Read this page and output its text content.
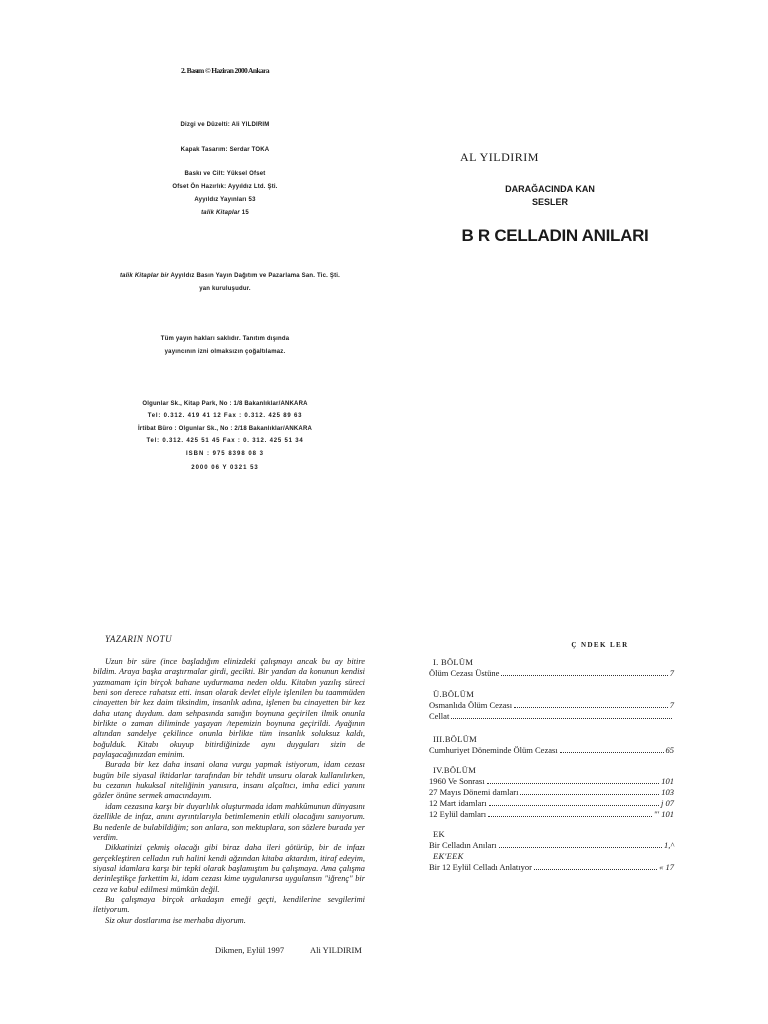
2. Basım © Haziran 2000 Ankara
Dizgi ve Düzelti: Ali YILDIRIM
Kapak Tasarım: Serdar TOKA
Baskı ve Cilt: Yüksel Ofset
Ofset Ön Hazırlık: Ayyıldız Ltd. Şti.
Ayyıldız Yayınları 53
talik Kitaplar 15
talik Kitaplar bir Ayyıldız Basın Yayın Dağıtım ve Pazarlama San. Tic. Şti.
yan kuruluşudur.
Tüm yayın hakları saklıdır. Tanıtım dışında
yayıncının izni olmaksızın çoğaltılamaz.
Olgunlar Sk., Kitap Park, No : 1/8 Bakanlıklar/ANKARA
Tel: 0.312. 419 41 12 Fax : 0.312. 425 89 63
İrtibat Büro : Olgunlar Sk., No : 2/18 Bakanlıklar/ANKARA
Tel: 0.312. 425 51 45 Fax : 0. 312. 425 51 34
ISBN : 975 8398 08 3
2000 06 Y 0321 53
AL YILDIRIM
DARAĞACINDA KAN
SESLER
B R CELLADIN ANILARI
YAZARIN NOTU

Uzun bir süre (ince başladığım elinizdeki çalışmayı ancak bu ay bitire bildim. Araya başka araştırmalar girdi, gecikti. Bir yandan da konunun kendisi yazmamam için birçok bahane uydurmama neden oldu. Kitabın yazılış süreci beni son derece rahatsız etti. insan olarak devlet eliyle işlenilen bu taammüden cinayetten bir kez daim tiksindim, insanlık adına, işlenen bu cinayetten bir kez daha utanç duydum. dam sehpasında sanığın boynuna geçirilen ilmik onunla birlikte o zaman diliminde yaşayan /tepemizin boynuna geçirildi. Ayağının altından sandelye çekilince onunla birlikte tüm insanlık soluksuz kaldı, boğulduk. Kitabı okuyup bitirdiğinizde aynı duyguları sizin de paylaşacağınızdan eminim.

Burada bir kez daha insani olana vurgu yapmak istiyorum, idam cezası bugün bile siyasal iktidarlar tarafından bir tehdit unsuru olarak kullanılırken, bu cezanın hukuksal niteliğinin yanısıra, insanı alçaltıcı, imha edici yanını gözler önüne sermek amacındayım.

idam cezasına karşı bir duyarlılık oluşturmada idam mahkûmunun dünyasını özellikle de infaz, anını ayrıntılarıyla betimlemenin etkili olacağını sanıyorum. Bu nedenle de bulabildiğim; son anlara, son mektuplara, son sözlere burada yer verdim.

Dikkatinizi çekmiş olacağı gibi biraz daha ileri götürüp, bir de infazı gerçekleştiren celladın ruh halini kendi ağzından kitaba aktardım, itiraf edeyim, siyasal idamlara karşı bir tepki olarak başlamıştım bu çalışmaya. Ama çalışma derinleştikçe farkettim ki, idam cezası kime uygulanırsa uygulansın "iğrenç" bir ceza ve kabul edilmesi mümkün değil.

Bu çalışmaya birçok arkadaşın emeği geçti, kendilerine sevgilerimi iletiyorum.

Siz okur dostlarıma ise merhaba diyorum.

Dikmen, Eylül 1997	Ali YILDIRIM
Ç NDEK LER
I. BÖLÜM
Ölüm Cezası Üstüne	7
Ü.BÖLÜM
Osmanlıda Ölüm Cezası	7
Cellat
III.BÖLÜM
Cumhuriyet Döneminde Ölüm Cezası	65
IV.BÖLÜM
1960 Ve Sonrası	101
27 Mayıs Dönemi damları	103
12 Mart idamları	j 07
12 Eylül damları	"' 101
EK
Bir Celladın Anıları	1,^
EK'EEK
Bir 12 Eylül Celladı Anlatıyor	« 17
